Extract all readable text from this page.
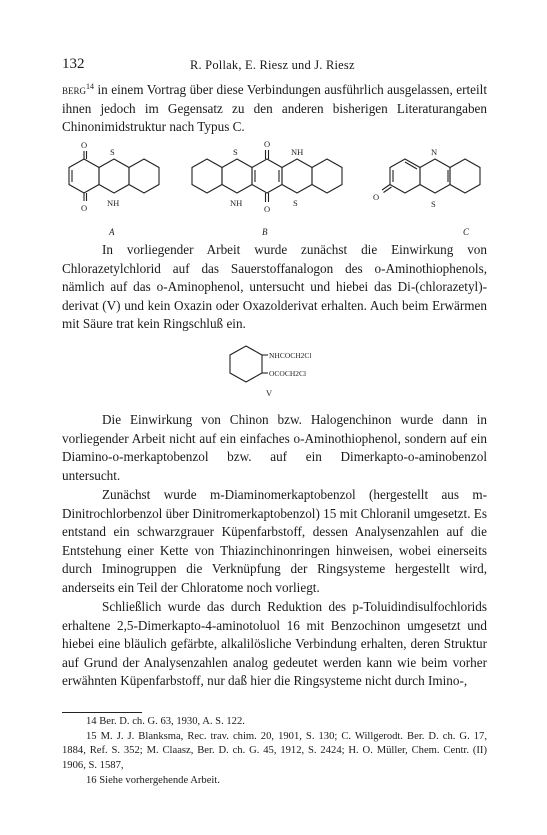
132	R. Pollak, E. Riesz und J. Riesz

berg$^{14}$ in einem Vortrag über diese Verbindungen ausführlich ausgelassen, erteilt ihnen jedoch im Gegensatz zu den anderen bisherigen Literaturangaben Chinonimidstruktur nach Typus C.

O
S
NH
O
A
S
O
NH
NH
O
S
B
N
O
S
C

In vorliegender Arbeit wurde zunächst die Einwirkung von Chlorazetylchlorid auf das Sauerstoffanalogon des o-Aminothiophenols, nämlich auf das o-Aminophenol, untersucht und hiebei das Di-(chlorazetyl)-derivat (V) und kein Oxazin oder Oxazolderivat erhalten. Auch beim Erwärmen mit Säure trat kein Ringschluß ein.

NHCOCH2Cl
OCOCH2Cl
V

Die Einwirkung von Chinon bzw. Halogenchinon wurde dann in vorliegender Arbeit nicht auf ein einfaches o-Aminothiophenol, sondern auf ein Diamino-o-merkaptobenzol bzw. auf ein Dimerkapto-o-aminobenzol untersucht.

Zunächst wurde m-Diaminomerkaptobenzol (hergestellt aus m-Dinitrochlorbenzol über Dinitromerkaptobenzol) 15 mit Chloranil umgesetzt. Es entstand ein schwarzgrauer Küpenfarbstoff, dessen Analysenzahlen auf die Entstehung einer Kette von Thiazinchinonringen hinweisen, wobei einerseits durch Iminogruppen die Verknüpfung der Ringsysteme hergestellt wird, anderseits ein Teil der Chloratome noch vorliegt.

Schließlich wurde das durch Reduktion des p-Toluidindisulfochlorids erhaltene 2,5-Dimerkapto-4-aminotoluol 16 mit Benzochinon umgesetzt und hiebei eine bläulich gefärbte, alkalilösliche Verbindung erhalten, deren Struktur auf Grund der Analysenzahlen analog gedeutet werden kann wie beim vorher erwähnten Küpenfarbstoff, nur daß hier die Ringsysteme nicht durch Imino-,

14 Ber. D. ch. G. 63, 1930, A. S. 122.

15 M. J. J. Blanksma, Rec. trav. chim. 20, 1901, S. 130; C. Willgerodt. Ber. D. ch. G. 17, 1884, Ref. S. 352; M. Claasz, Ber. D. ch. G. 45, 1912, S. 2424; H. O. Müller, Chem. Centr. (II) 1906, S. 1587,

16 Siehe vorhergehende Arbeit.
